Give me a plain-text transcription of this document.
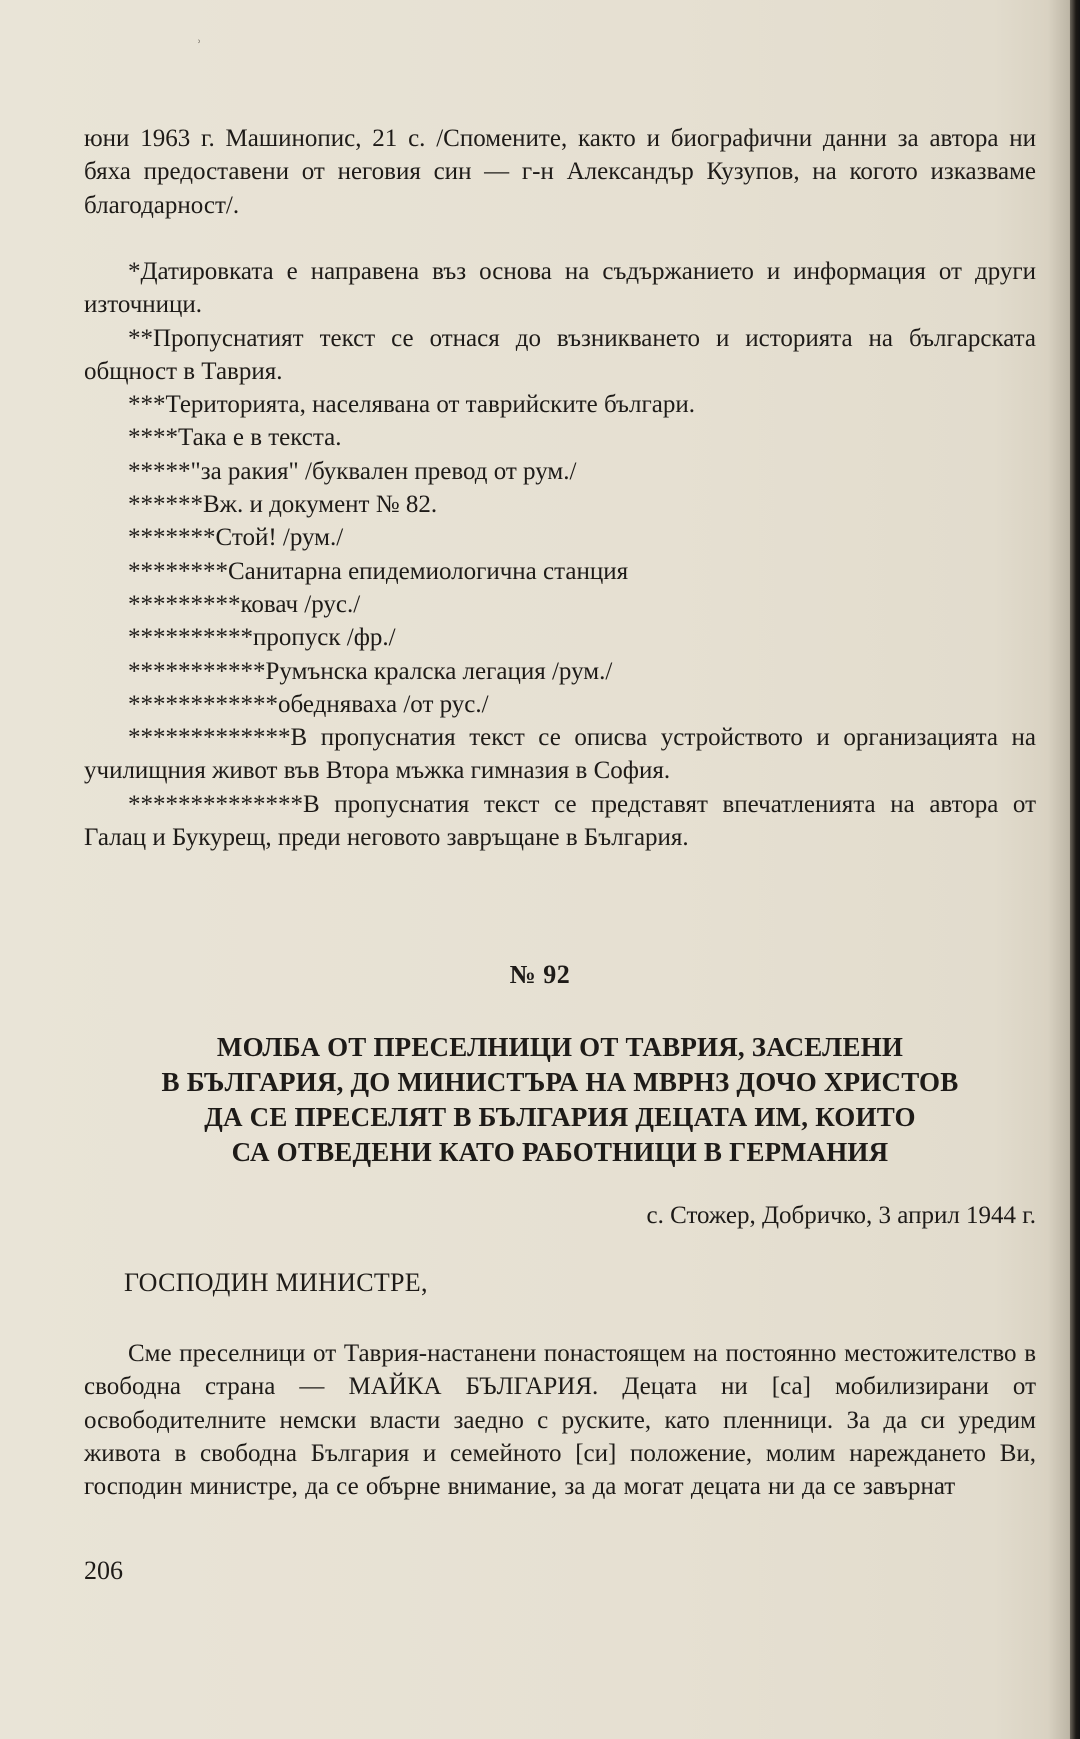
˒

юни 1963 г. Машинопис, 21 с. /Спомените, както и биографични данни за автора ни бяха предоставени от неговия син — г-н Александър Кузупов, на когото изказваме благодарност/.

*Датировката е направена въз основа на съдържанието и информация от други източници.

**Пропуснатият текст се отнася до възникването и историята на българската общност в Таврия.

***Територията, населявана от таврийските българи.

****Така е в текста.

*****"за ракия" /буквален превод от рум./

******Вж. и документ № 82.

*******Стой! /рум./

********Санитарна епидемиологична станция

*********ковач /рус./

**********пропуск /фр./

***********Румънска кралска легация /рум./

************обедняваха /от рус./

*************В пропуснатия текст се описва устройството и организацията на училищния живот във Втора мъжка гимназия в София.

**************В пропуснатия текст се представят впечатленията на автора от Галац и Букурещ, преди неговото завръщане в България.

№ 92
МОЛБА ОТ ПРЕСЕЛНИЦИ ОТ ТАВРИЯ, ЗАСЕЛЕНИ
В БЪЛГАРИЯ, ДО МИНИСТЪРА НА МВРНЗ ДОЧО ХРИСТОВ
ДА СЕ ПРЕСЕЛЯТ В БЪЛГАРИЯ ДЕЦАТА ИМ, КОИТО
СА ОТВЕДЕНИ КАТО РАБОТНИЦИ В ГЕРМАНИЯ
с. Стожер, Добричко, 3 април 1944 г.
ГОСПОДИН МИНИСТРЕ,

Сме преселници от Таврия-настанени понастоящем на постоянно местожителство в свободна страна — МАЙКА БЪЛГАРИЯ. Децата ни [са] мобилизирани от освободителните немски власти заедно с руските, като пленници. За да си уредим живота в свободна България и семейното [си] положение, молим нареждането Ви, господин министре, да се обърне внимание, за да могат децата ни да се завърнат

206
